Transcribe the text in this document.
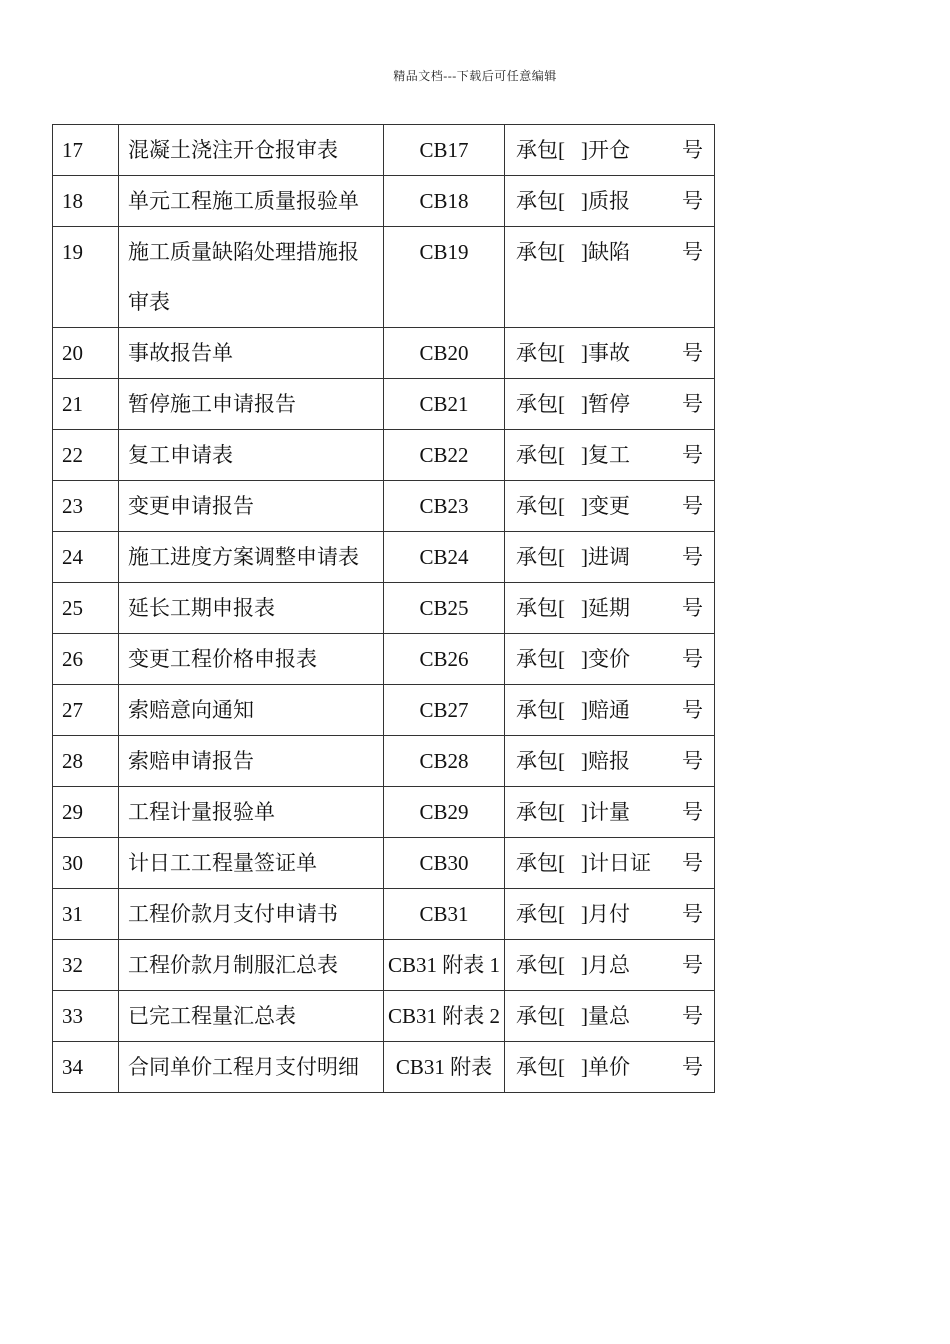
精品文档---下载后可任意编辑
17	混凝土浇注开仓报审表	CB17	承包[ ]开仓 号

18	单元工程施工质量报验单	CB18	承包[ ]质报 号

19	施工质量缺陷处理措施报审表	CB19	承包[ ]缺陷 号

20	事故报告单	CB20	承包[ ]事故 号

21	暂停施工申请报告	CB21	承包[ ]暂停 号

22	复工申请表	CB22	承包[ ]复工 号

23	变更申请报告	CB23	承包[ ]变更 号

24	施工进度方案调整申请表	CB24	承包[ ]进调 号

25	延长工期申报表	CB25	承包[ ]延期 号

26	变更工程价格申报表	CB26	承包[ ]变价 号

27	索赔意向通知	CB27	承包[ ]赔通 号

28	索赔申请报告	CB28	承包[ ]赔报 号

29	工程计量报验单	CB29	承包[ ]计量 号

30	计日工工程量签证单	CB30	承包[ ]计日证 号

31	工程价款月支付申请书	CB31	承包[ ]月付 号

32	工程价款月制服汇总表	CB31 附表 1	承包[ ]月总 号

33	已完工程量汇总表	CB31 附表 2	承包[ ]量总 号

34	合同单价工程月支付明细	CB31 附表	承包[ ]单价 号
